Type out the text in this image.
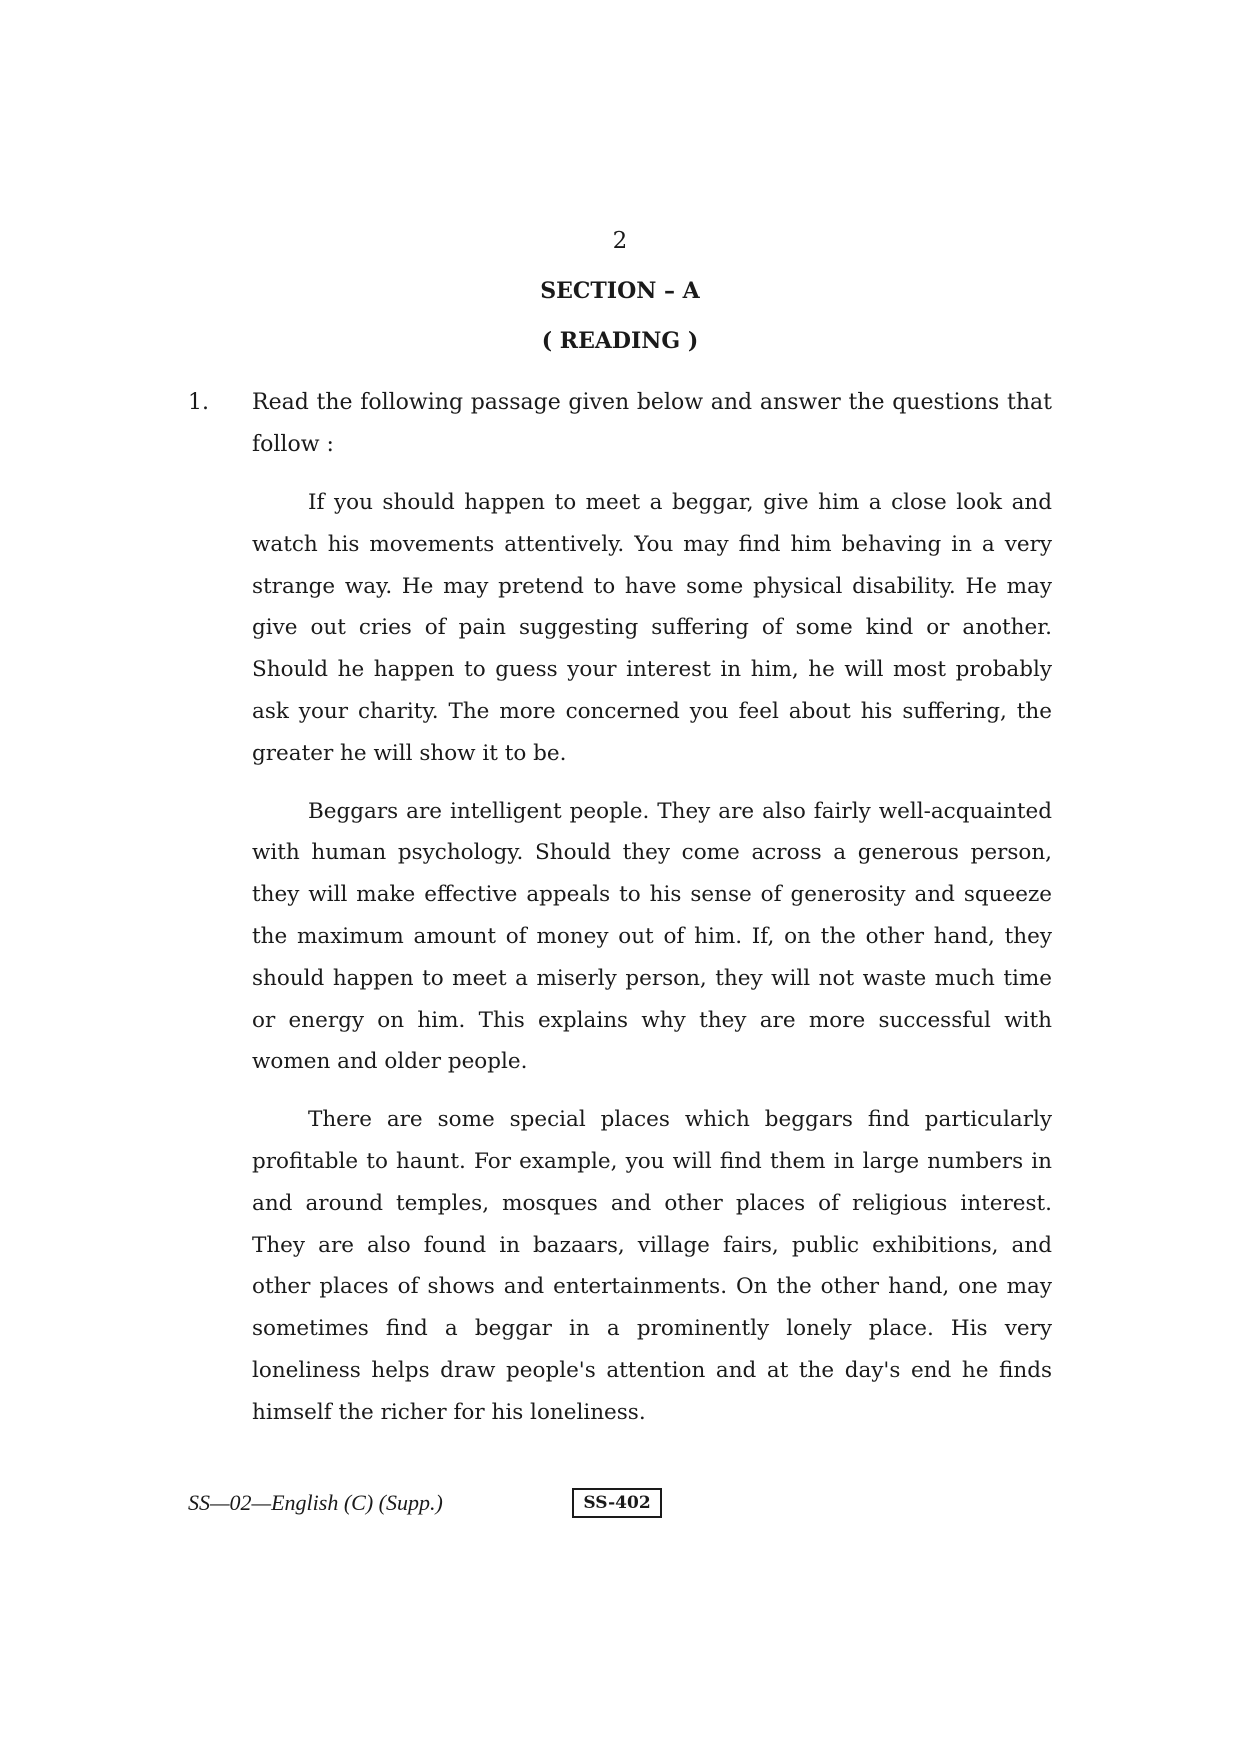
2
SECTION – A
( READING )
1. Read the following passage given below and answer the questions that follow :

If you should happen to meet a beggar, give him a close look and watch his movements attentively. You may find him behaving in a very strange way. He may pretend to have some physical disability. He may give out cries of pain suggesting suffering of some kind or another. Should he happen to guess your interest in him, he will most probably ask your charity. The more concerned you feel about his suffering, the greater he will show it to be.

Beggars are intelligent people. They are also fairly well-acquainted with human psychology. Should they come across a generous person, they will make effective appeals to his sense of generosity and squeeze the maximum amount of money out of him. If, on the other hand, they should happen to meet a miserly person, they will not waste much time or energy on him. This explains why they are more successful with women and older people.

There are some special places which beggars find particularly profitable to haunt. For example, you will find them in large numbers in and around temples, mosques and other places of religious interest. They are also found in bazaars, village fairs, public exhibitions, and other places of shows and entertainments. On the other hand, one may sometimes find a beggar in a prominently lonely place. His very loneliness helps draw people's attention and at the day's end he finds himself the richer for his loneliness.

SS—02—English (C) (Supp.)	SS-402
